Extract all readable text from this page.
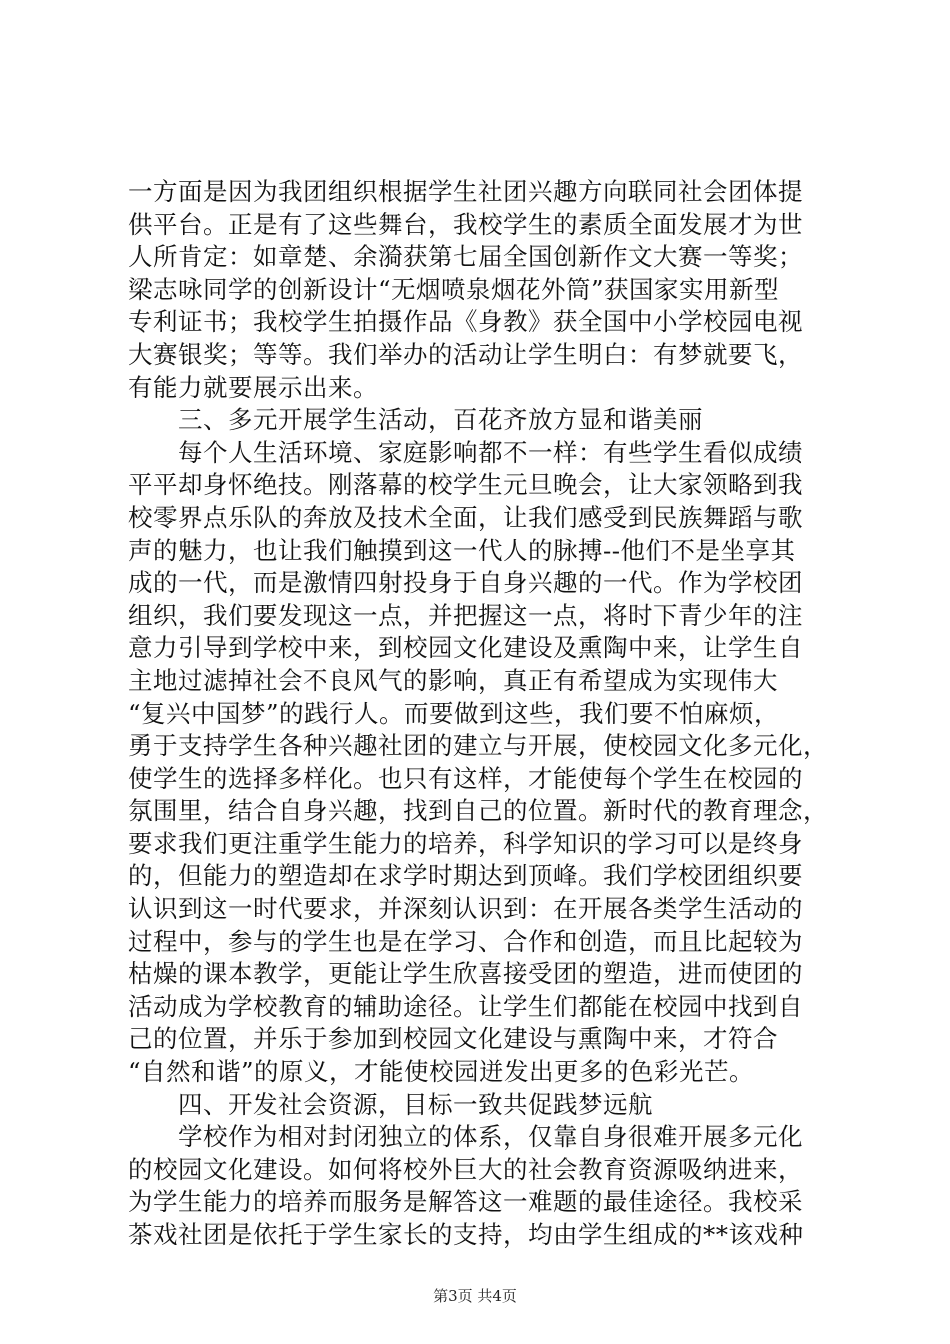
一方面是因为我团组织根据学生社团兴趣方向联同社会团体提
供平台。正是有了这些舞台，我校学生的素质全面发展才为世
人所肯定：如章楚、余漪获第七届全国创新作文大赛一等奖；
梁志咏同学的创新设计“无烟喷泉烟花外筒”获国家实用新型
专利证书；我校学生拍摄作品《身教》获全国中小学校园电视
大赛银奖；等等。我们举办的活动让学生明白：有梦就要飞，
有能力就要展示出来。
　　三、多元开展学生活动，百花齐放方显和谐美丽
　　每个人生活环境、家庭影响都不一样：有些学生看似成绩
平平却身怀绝技。刚落幕的校学生元旦晚会，让大家领略到我
校零界点乐队的奔放及技术全面，让我们感受到民族舞蹈与歌
声的魅力，也让我们触摸到这一代人的脉搏--他们不是坐享其
成的一代，而是激情四射投身于自身兴趣的一代。作为学校团
组织，我们要发现这一点，并把握这一点，将时下青少年的注
意力引导到学校中来，到校园文化建设及熏陶中来，让学生自
主地过滤掉社会不良风气的影响，真正有希望成为实现伟大
“复兴中国梦”的践行人。而要做到这些，我们要不怕麻烦，
勇于支持学生各种兴趣社团的建立与开展，使校园文化多元化，
使学生的选择多样化。也只有这样，才能使每个学生在校园的
氛围里，结合自身兴趣，找到自己的位置。新时代的教育理念，
要求我们更注重学生能力的培养，科学知识的学习可以是终身
的，但能力的塑造却在求学时期达到顶峰。我们学校团组织要
认识到这一时代要求，并深刻认识到：在开展各类学生活动的
过程中，参与的学生也是在学习、合作和创造，而且比起较为
枯燥的课本教学，更能让学生欣喜接受团的塑造，进而使团的
活动成为学校教育的辅助途径。让学生们都能在校园中找到自
己的位置，并乐于参加到校园文化建设与熏陶中来，才符合
“自然和谐”的原义，才能使校园迸发出更多的色彩光芒。
　　四、开发社会资源，目标一致共促践梦远航
　　学校作为相对封闭独立的体系，仅靠自身很难开展多元化
的校园文化建设。如何将校外巨大的社会教育资源吸纳进来，
为学生能力的培养而服务是解答这一难题的最佳途径。我校采
茶戏社团是依托于学生家长的支持，均由学生组成的**该戏种
第3页 共4页
